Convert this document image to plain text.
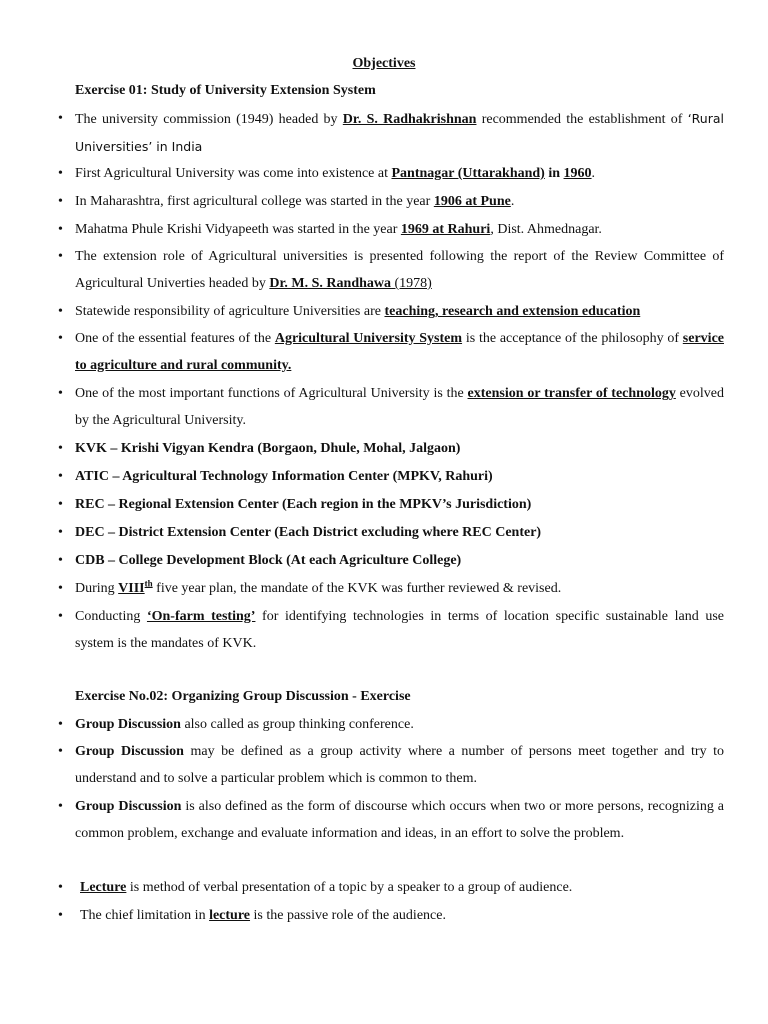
Objectives
Exercise 01: Study of University Extension System
• The university commission (1949) headed by Dr. S. Radhakrishnan recommended the establishment of ‘Rural Universities’ in India
• First Agricultural University was come into existence at Pantnagar (Uttarakhand) in 1960.
• In Maharashtra, first agricultural college was started in the year 1906 at Pune.
• Mahatma Phule Krishi Vidyapeeth was started in the year 1969 at Rahuri, Dist. Ahmednagar.
• The extension role of Agricultural universities is presented following the report of the Review Committee of Agricultural Univerties headed by Dr. M. S. Randhawa (1978)
• Statewide responsibility of agriculture Universities are teaching, research and extension education
• One of the essential features of the Agricultural University System is the acceptance of the philosophy of service to agriculture and rural community.
• One of the most important functions of Agricultural University is the extension or transfer of technology evolved by the Agricultural University.
• KVK – Krishi Vigyan Kendra (Borgaon, Dhule, Mohal, Jalgaon)
• ATIC – Agricultural Technology Information Center (MPKV, Rahuri)
• REC – Regional Extension Center (Each region in the MPKV’s Jurisdiction)
• DEC – District Extension Center (Each District excluding where REC Center)
• CDB – College Development Block (At each Agriculture College)
• During VIIIth five year plan, the mandate of the KVK was further reviewed & revised.
• Conducting ‘On-farm testing’ for identifying technologies in terms of location specific sustainable land use system is the mandates of KVK.
Exercise No.02: Organizing Group Discussion - Exercise
• Group Discussion also called as group thinking conference.
• Group Discussion may be defined as a group activity where a number of persons meet together and try to understand and to solve a particular problem which is common to them.
• Group Discussion is also defined as the form of discourse which occurs when two or more persons, recognizing a common problem, exchange and evaluate information and ideas, in an effort to solve the problem.
•	Lecture is method of verbal presentation of a topic by a speaker to a group of audience.
•	The chief limitation in lecture is the passive role of the audience.
